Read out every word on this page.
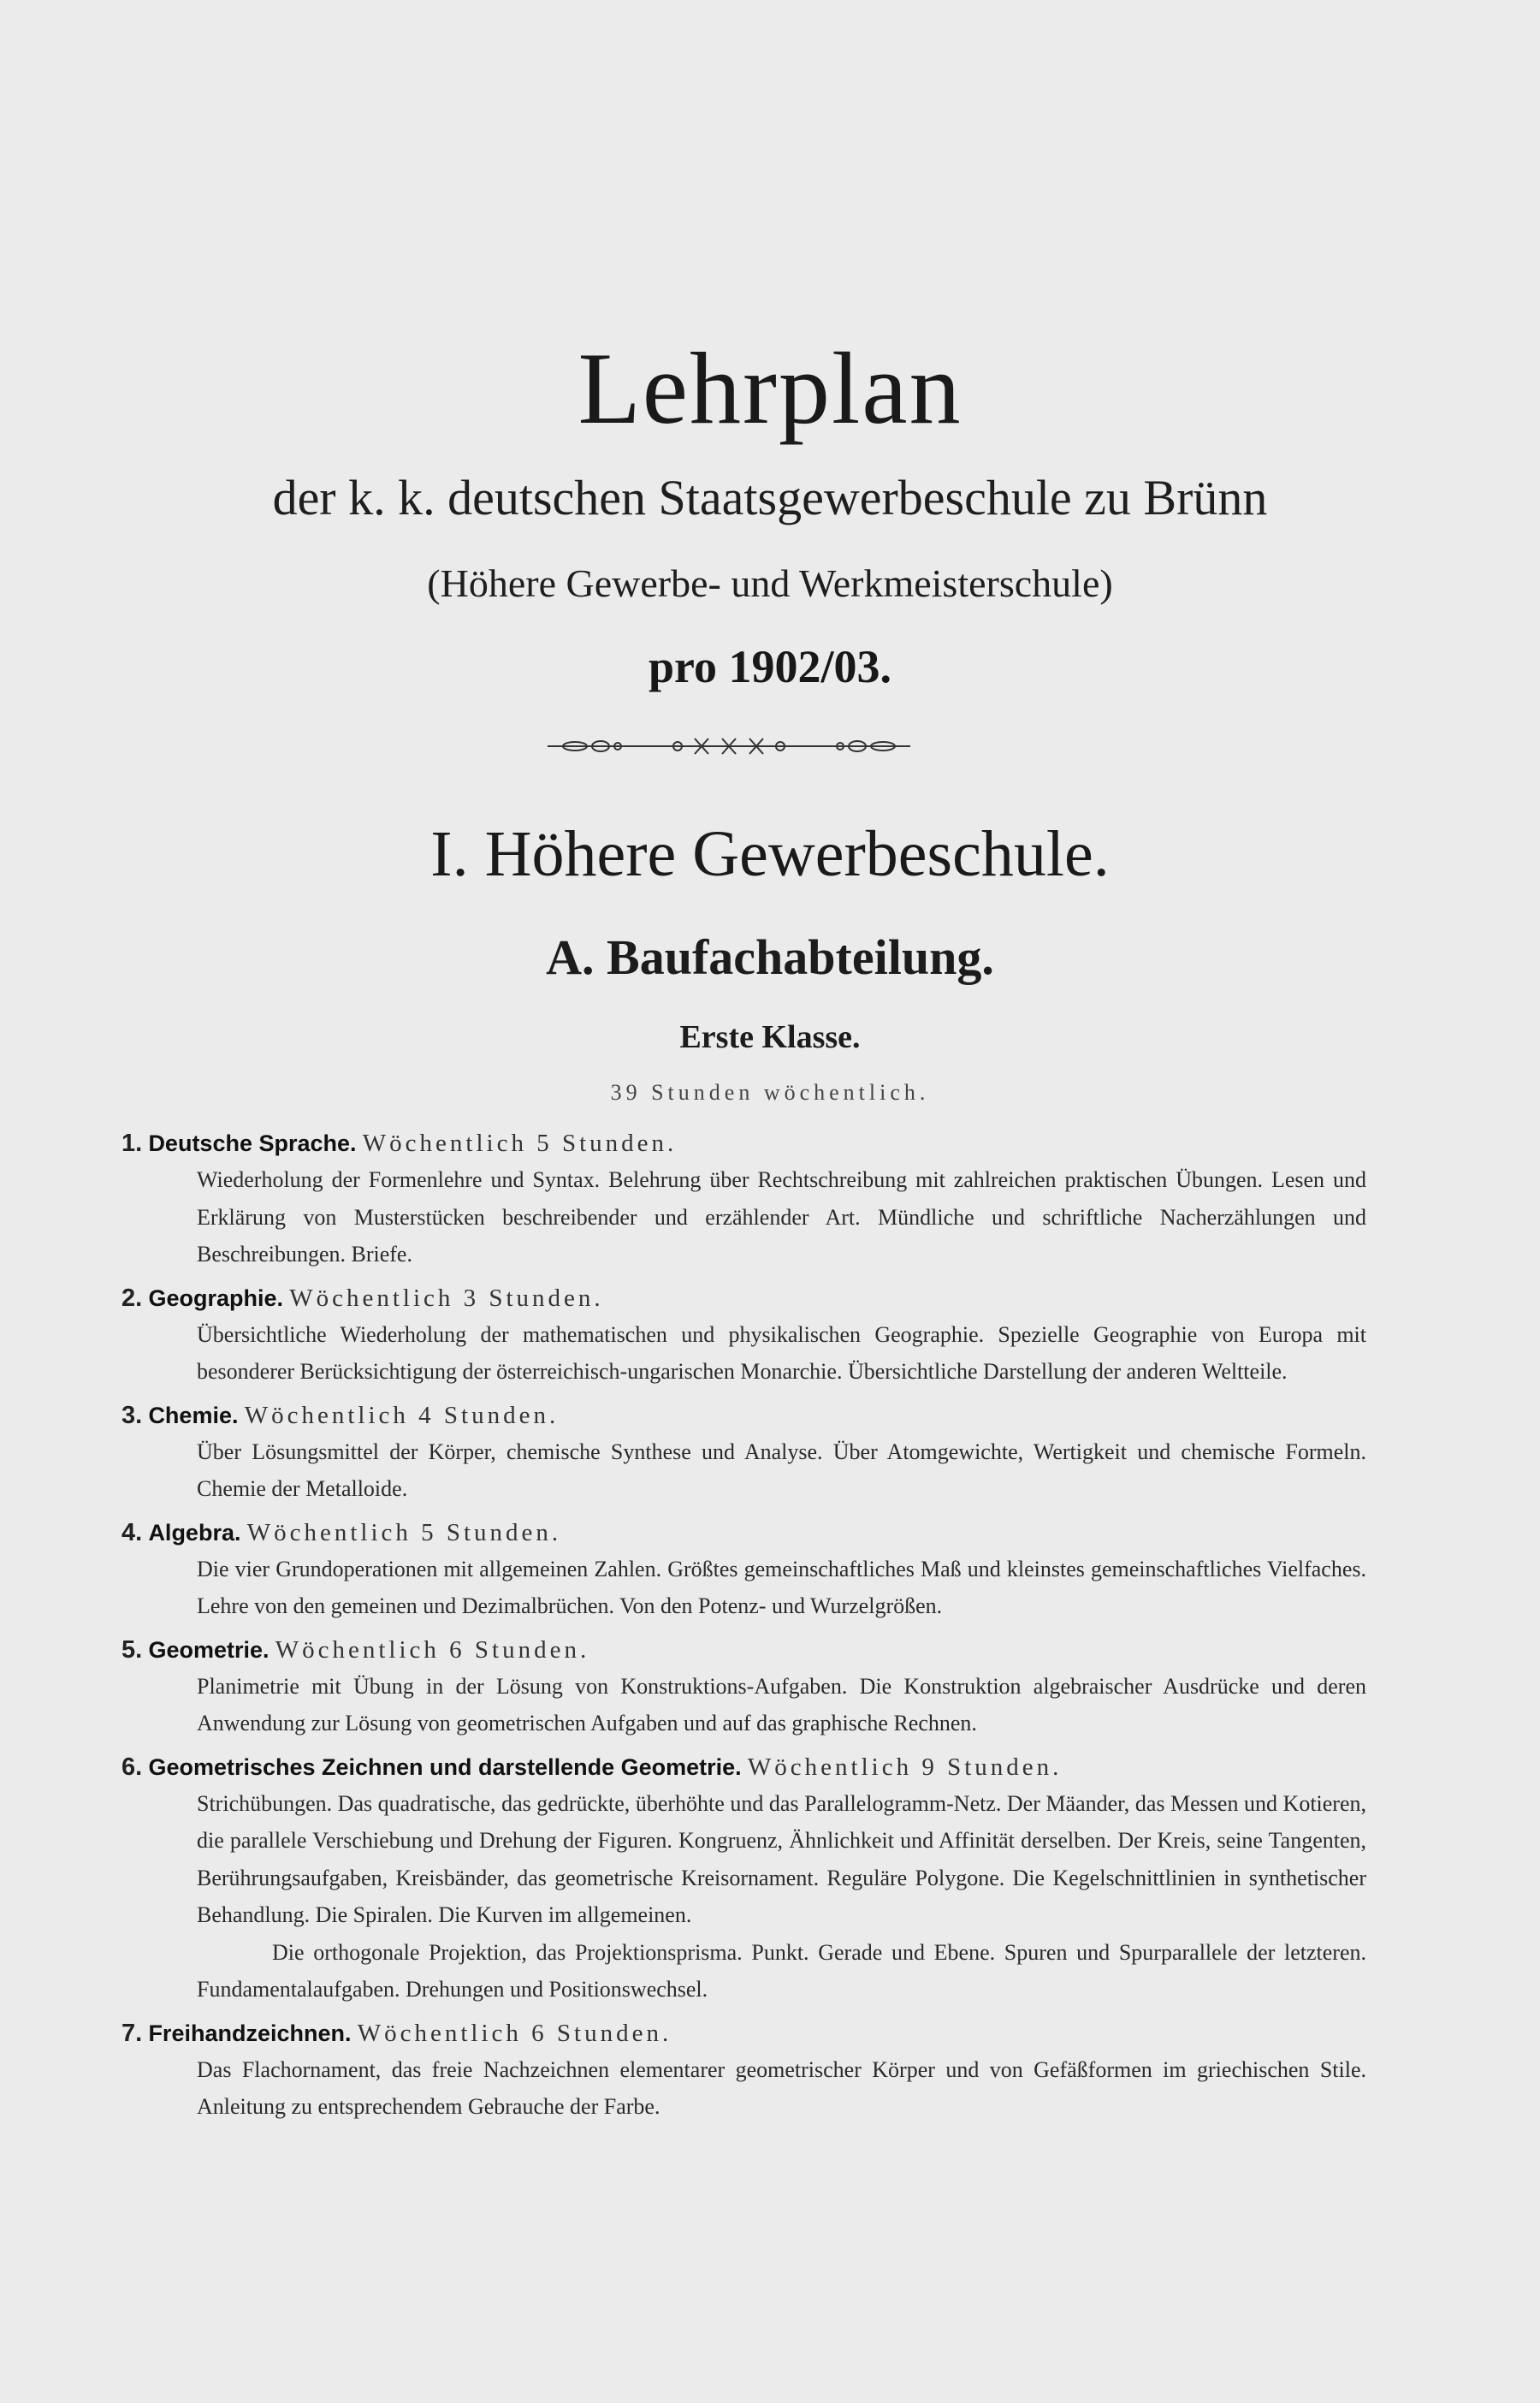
Lehrplan
der k. k. deutschen Staatsgewerbeschule zu Brünn
(Höhere Gewerbe- und Werkmeisterschule)
pro 1902/03.
I. Höhere Gewerbeschule.
A. Baufachabteilung.
Erste Klasse.
39 Stunden wöchentlich.
1. Deutsche Sprache. Wöchentlich 5 Stunden.
Wiederholung der Formenlehre und Syntax. Belehrung über Rechtschreibung mit zahlreichen praktischen Übungen. Lesen und Erklärung von Musterstücken beschreibender und erzählender Art. Mündliche und schriftliche Nacherzählungen und Beschreibungen. Briefe.
2. Geographie. Wöchentlich 3 Stunden.
Übersichtliche Wiederholung der mathematischen und physikalischen Geographie. Spezielle Geographie von Europa mit besonderer Berücksichtigung der österreichisch-ungarischen Monarchie. Übersichtliche Darstellung der anderen Weltteile.
3. Chemie. Wöchentlich 4 Stunden.
Über Lösungsmittel der Körper, chemische Synthese und Analyse. Über Atomgewichte, Wertigkeit und chemische Formeln. Chemie der Metalloide.
4. Algebra. Wöchentlich 5 Stunden.
Die vier Grundoperationen mit allgemeinen Zahlen. Größtes gemeinschaftliches Maß und kleinstes gemeinschaftliches Vielfaches. Lehre von den gemeinen und Dezimalbrüchen. Von den Potenz- und Wurzelgrößen.
5. Geometrie. Wöchentlich 6 Stunden.
Planimetrie mit Übung in der Lösung von Konstruktions-Aufgaben. Die Konstruktion algebraischer Ausdrücke und deren Anwendung zur Lösung von geometrischen Aufgaben und auf das graphische Rechnen.
6. Geometrisches Zeichnen und darstellende Geometrie. Wöchentlich 9 Stunden.
Strichübungen. Das quadratische, das gedrückte, überhöhte und das Parallelogramm-Netz. Der Mäander, das Messen und Kotieren, die parallele Verschiebung und Drehung der Figuren. Kongruenz, Ähnlichkeit und Affinität derselben. Der Kreis, seine Tangenten, Berührungsaufgaben, Kreisbänder, das geometrische Kreisornament. Reguläre Polygone. Die Kegelschnittlinien in synthetischer Behandlung. Die Spiralen. Die Kurven im allgemeinen.
Die orthogonale Projektion, das Projektionsprisma. Punkt. Gerade und Ebene. Spuren und Spurparallele der letzteren. Fundamentalaufgaben. Drehungen und Positionswechsel.
7. Freihandzeichnen. Wöchentlich 6 Stunden.
Das Flachornament, das freie Nachzeichnen elementarer geometrischer Körper und von Gefäßformen im griechischen Stile. Anleitung zu entsprechendem Gebrauche der Farbe.
